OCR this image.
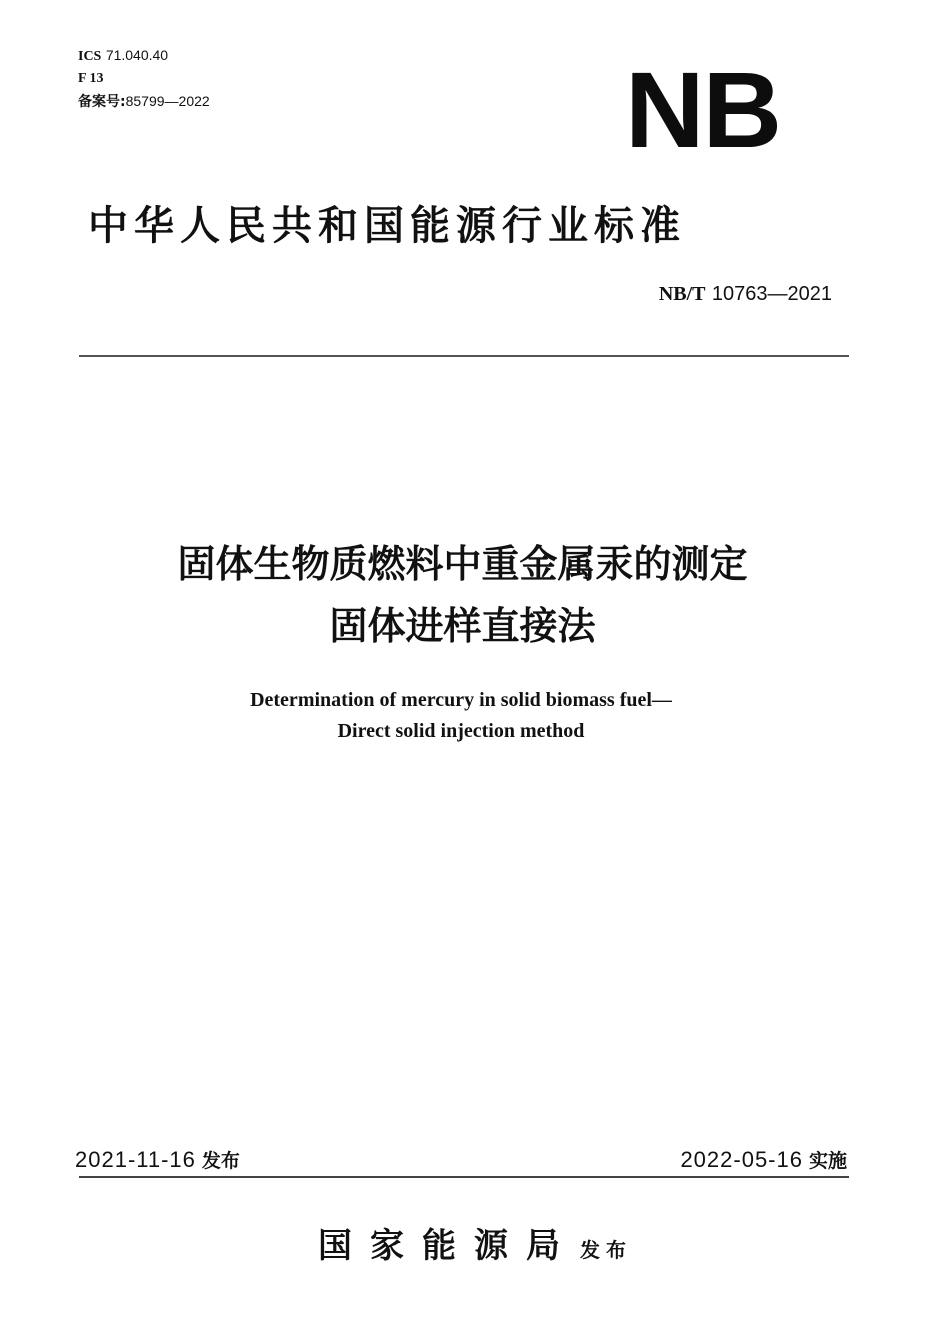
ICS 71.040.40
F 13
备案号:85799—2022	NB
中华人民共和国能源行业标准
NB/T 10763—2021
固体生物质燃料中重金属汞的测定
固体进样直接法
Determination of mercury in solid biomass fuel—
Direct solid injection method
2021-11-16 发布	2022-05-16 实施
国家能源局 发布
